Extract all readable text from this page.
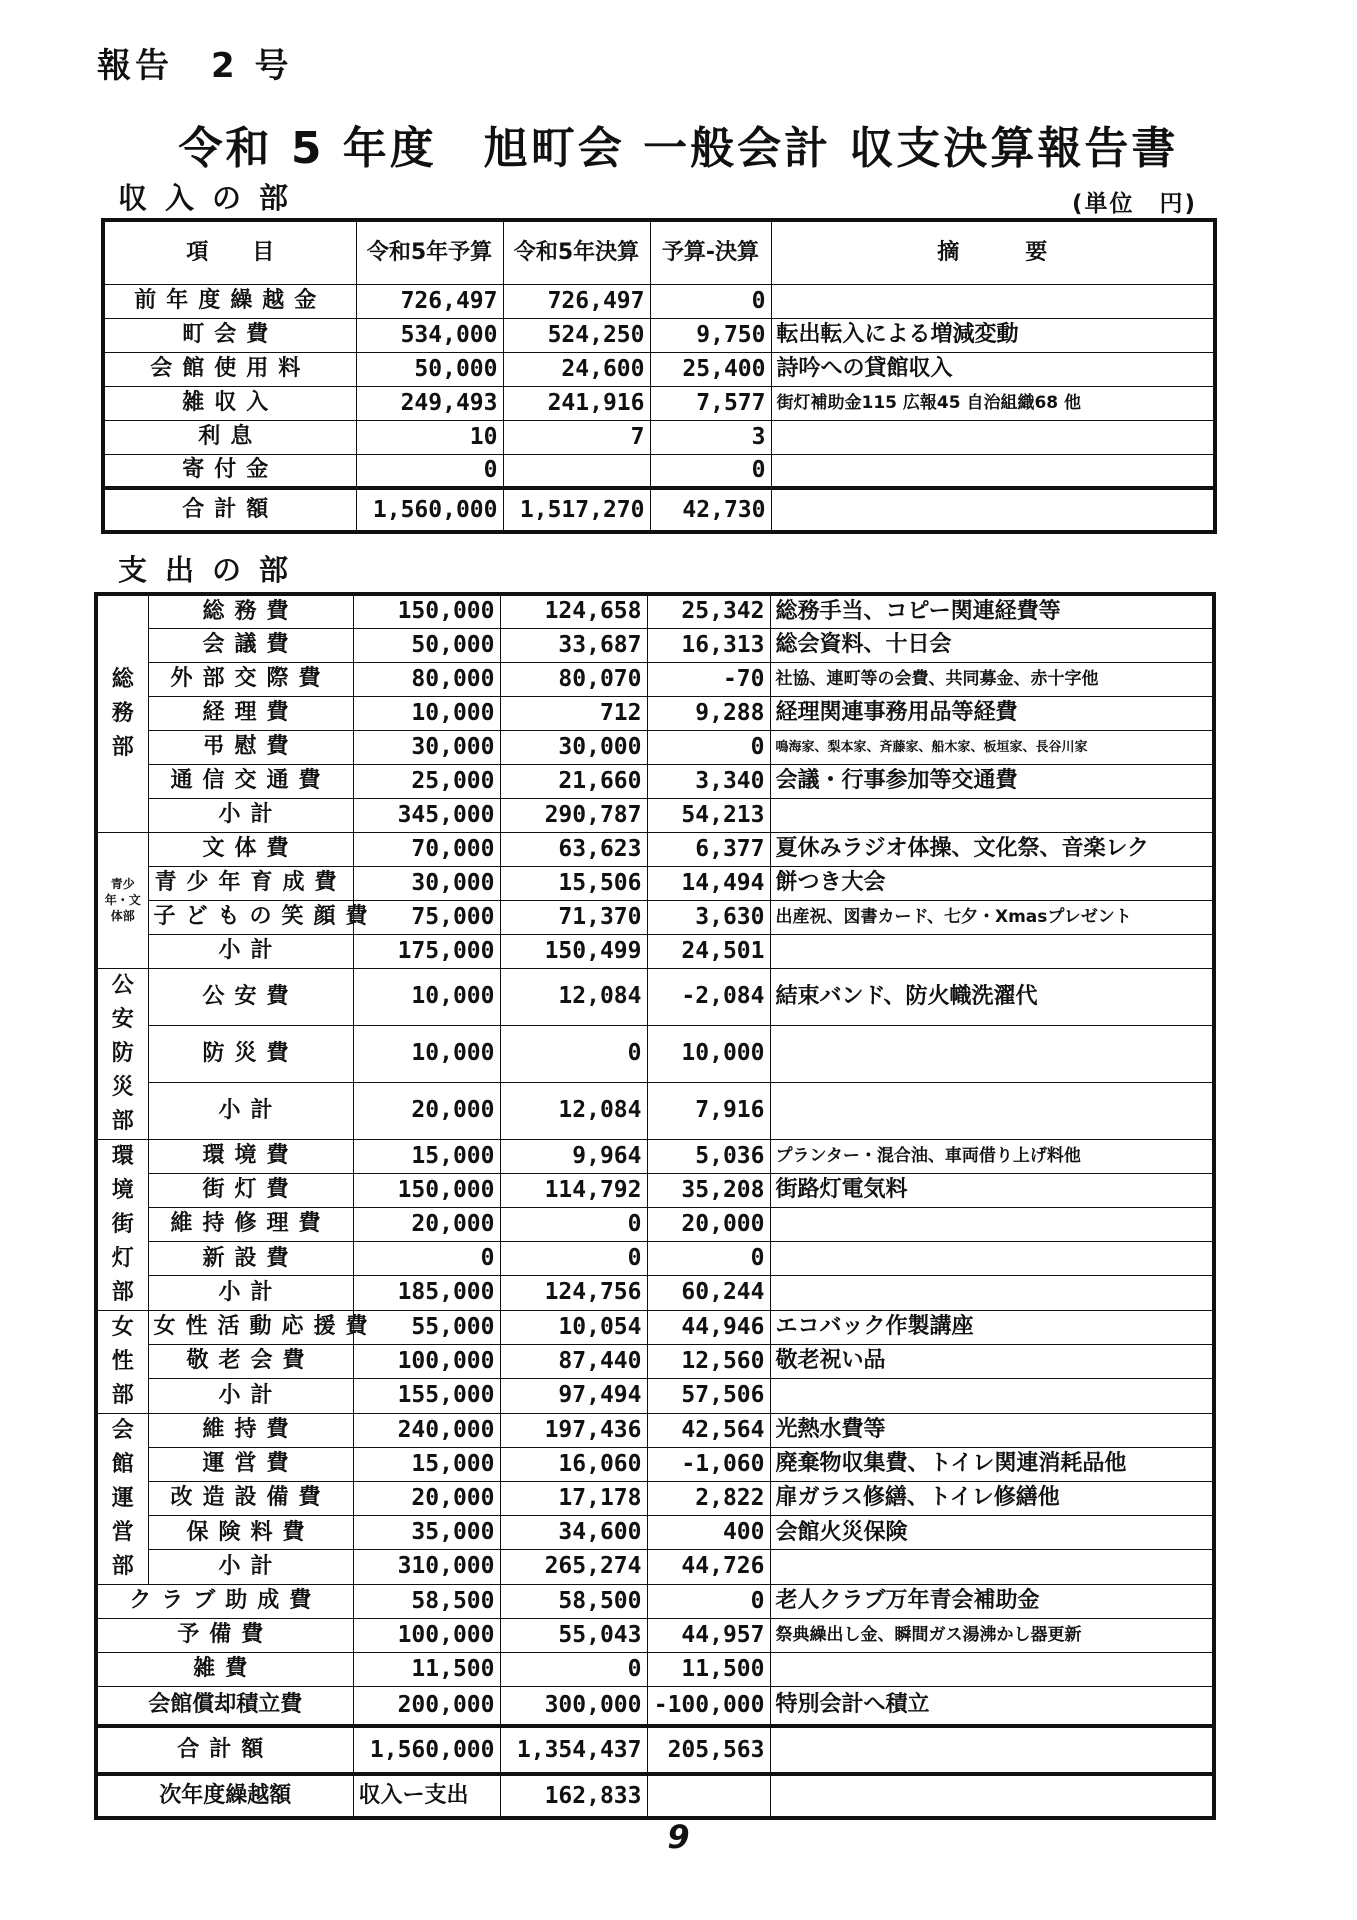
報告　2 号
令和 5 年度　旭町会 一般会計 収支決算報告書
収入の部	(単位　円)
項　　目	令和5年予算	令和5年決算	予算-決算	摘　　　要
前年度繰越金	726,497	726,497	0	
町会費	534,000	524,250	9,750	転出転入による増減変動
会館使用料	50,000	24,600	25,400	詩吟への貸館収入
雑収入	249,493	241,916	7,577	街灯補助金115 広報45 自治組織68 他
利息	10	7	3	
寄付金	0		0	
合計額	1,560,000	1,517,270	42,730	
支出の部
総務部	総務費	150,000	124,658	25,342	総務手当、コピー関連経費等
	会議費	50,000	33,687	16,313	総会資料、十日会
	外部交際費	80,000	80,070	-70	社協、連町等の会費、共同募金、赤十字他
	経理費	10,000	712	9,288	経理関連事務用品等経費
	弔慰費	30,000	30,000	0	鳴海家、梨本家、斉藤家、船木家、板垣家、長谷川家
	通信交通費	25,000	21,660	3,340	会議・行事参加等交通費
	小計	345,000	290,787	54,213	
青少年・文体部	文体費	70,000	63,623	6,377	夏休みラジオ体操、文化祭、音楽レク
	青少年育成費	30,000	15,506	14,494	餅つき大会
	子どもの笑顔費	75,000	71,370	3,630	出産祝、図書カード、七夕・Xmasプレゼント
	小計	175,000	150,499	24,501	
公安防災部	公安費	10,000	12,084	-2,084	結束バンド、防火幟洗濯代
	防災費	10,000	0	10,000	
	小計	20,000	12,084	7,916	
環境街灯部	環境費	15,000	9,964	5,036	プランター・混合油、車両借り上げ料他
	街灯費	150,000	114,792	35,208	街路灯電気料
	維持修理費	20,000	0	20,000	
	新設費	0	0	0	
	小計	185,000	124,756	60,244	
女性部	女性活動応援費	55,000	10,054	44,946	エコバック作製講座
	敬老会費	100,000	87,440	12,560	敬老祝い品
	小計	155,000	97,494	57,506	
会館運営部	維持費	240,000	197,436	42,564	光熱水費等
	運営費	15,000	16,060	-1,060	廃棄物収集費、トイレ関連消耗品他
	改造設備費	20,000	17,178	2,822	扉ガラス修繕、トイレ修繕他
	保険料費	35,000	34,600	400	会館火災保険
	小計	310,000	265,274	44,726	
クラブ助成費		58,500	58,500	0	老人クラブ万年青会補助金
予備費		100,000	55,043	44,957	祭典繰出し金、瞬間ガス湯沸かし器更新
雑費		11,500	0	11,500	
会館償却積立費		200,000	300,000	-100,000	特別会計へ積立
合計額		1,560,000	1,354,437	205,563	
次年度繰越額		収入ー支出	162,833		
9
